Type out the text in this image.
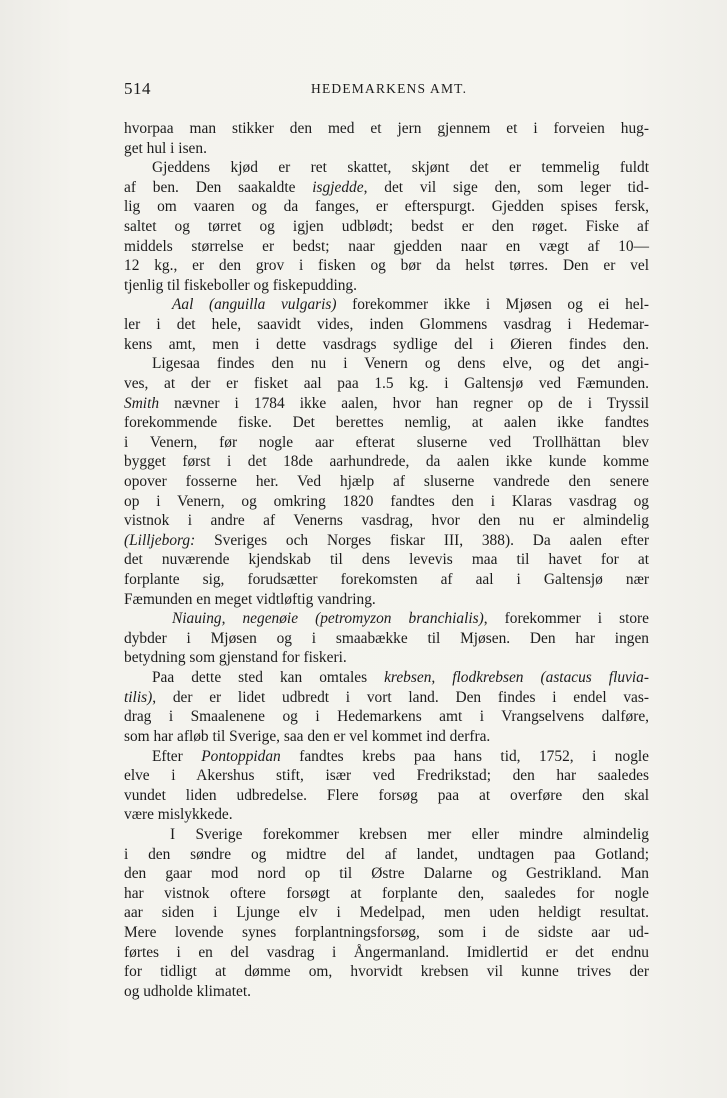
514	HEDEMARKENS AMT.
hvorpaa man stikker den med et jern gjennem et i forveien hug-
get hul i isen.
Gjeddens kjød er ret skattet, skjønt det er temmelig fuldt
af ben. Den saakaldte isgjedde, det vil sige den, som leger tid-
lig om vaaren og da fanges, er efterspurgt. Gjedden spises fersk,
saltet og tørret og igjen udblødt; bedst er den røget. Fiske af
middels størrelse er bedst; naar gjedden naar en vægt af 10—
12 kg., er den grov i fisken og bør da helst tørres. Den er vel
tjenlig til fiskeboller og fiskepudding.
Aal (anguilla vulgaris) forekommer ikke i Mjøsen og ei hel-
ler i det hele, saavidt vides, inden Glommens vasdrag i Hedemar-
kens amt, men i dette vasdrags sydlige del i Øieren findes den.
Ligesaa findes den nu i Venern og dens elve, og det angi-
ves, at der er fisket aal paa 1.5 kg. i Galtensjø ved Fæmunden.
Smith nævner i 1784 ikke aalen, hvor han regner op de i Tryssil
forekommende fiske. Det berettes nemlig, at aalen ikke fandtes
i Venern, før nogle aar efterat sluserne ved Trollhättan blev
bygget først i det 18de aarhundrede, da aalen ikke kunde komme
opover fosserne her. Ved hjælp af sluserne vandrede den senere
op i Venern, og omkring 1820 fandtes den i Klaras vasdrag og
vistnok i andre af Venerns vasdrag, hvor den nu er almindelig
(Lilljeborg: Sveriges och Norges fiskar III, 388). Da aalen efter
det nuværende kjendskab til dens levevis maa til havet for at
forplante sig, forudsætter forekomsten af aal i Galtensjø nær
Fæmunden en meget vidtløftig vandring.
Niauing, negenøie (petromyzon branchialis), forekommer i store
dybder i Mjøsen og i smaabække til Mjøsen. Den har ingen
betydning som gjenstand for fiskeri.
Paa dette sted kan omtales krebsen, flodkrebsen (astacus fluvia-
tilis), der er lidet udbredt i vort land. Den findes i endel vas-
drag i Smaalenene og i Hedemarkens amt i Vrangselvens dalføre,
som har afløb til Sverige, saa den er vel kommet ind derfra.
Efter Pontoppidan fandtes krebs paa hans tid, 1752, i nogle
elve i Akershus stift, især ved Fredrikstad; den har saaledes
vundet liden udbredelse. Flere forsøg paa at overføre den skal
være mislykkede.
I Sverige forekommer krebsen mer eller mindre almindelig
i den søndre og midtre del af landet, undtagen paa Gotland;
den gaar mod nord op til Østre Dalarne og Gestrikland. Man
har vistnok oftere forsøgt at forplante den, saaledes for nogle
aar siden i Ljunge elv i Medelpad, men uden heldigt resultat.
Mere lovende synes forplantningsforsøg, som i de sidste aar ud-
førtes i en del vasdrag i Ångermanland. Imidlertid er det endnu
for tidligt at dømme om, hvorvidt krebsen vil kunne trives der
og udholde klimatet.
